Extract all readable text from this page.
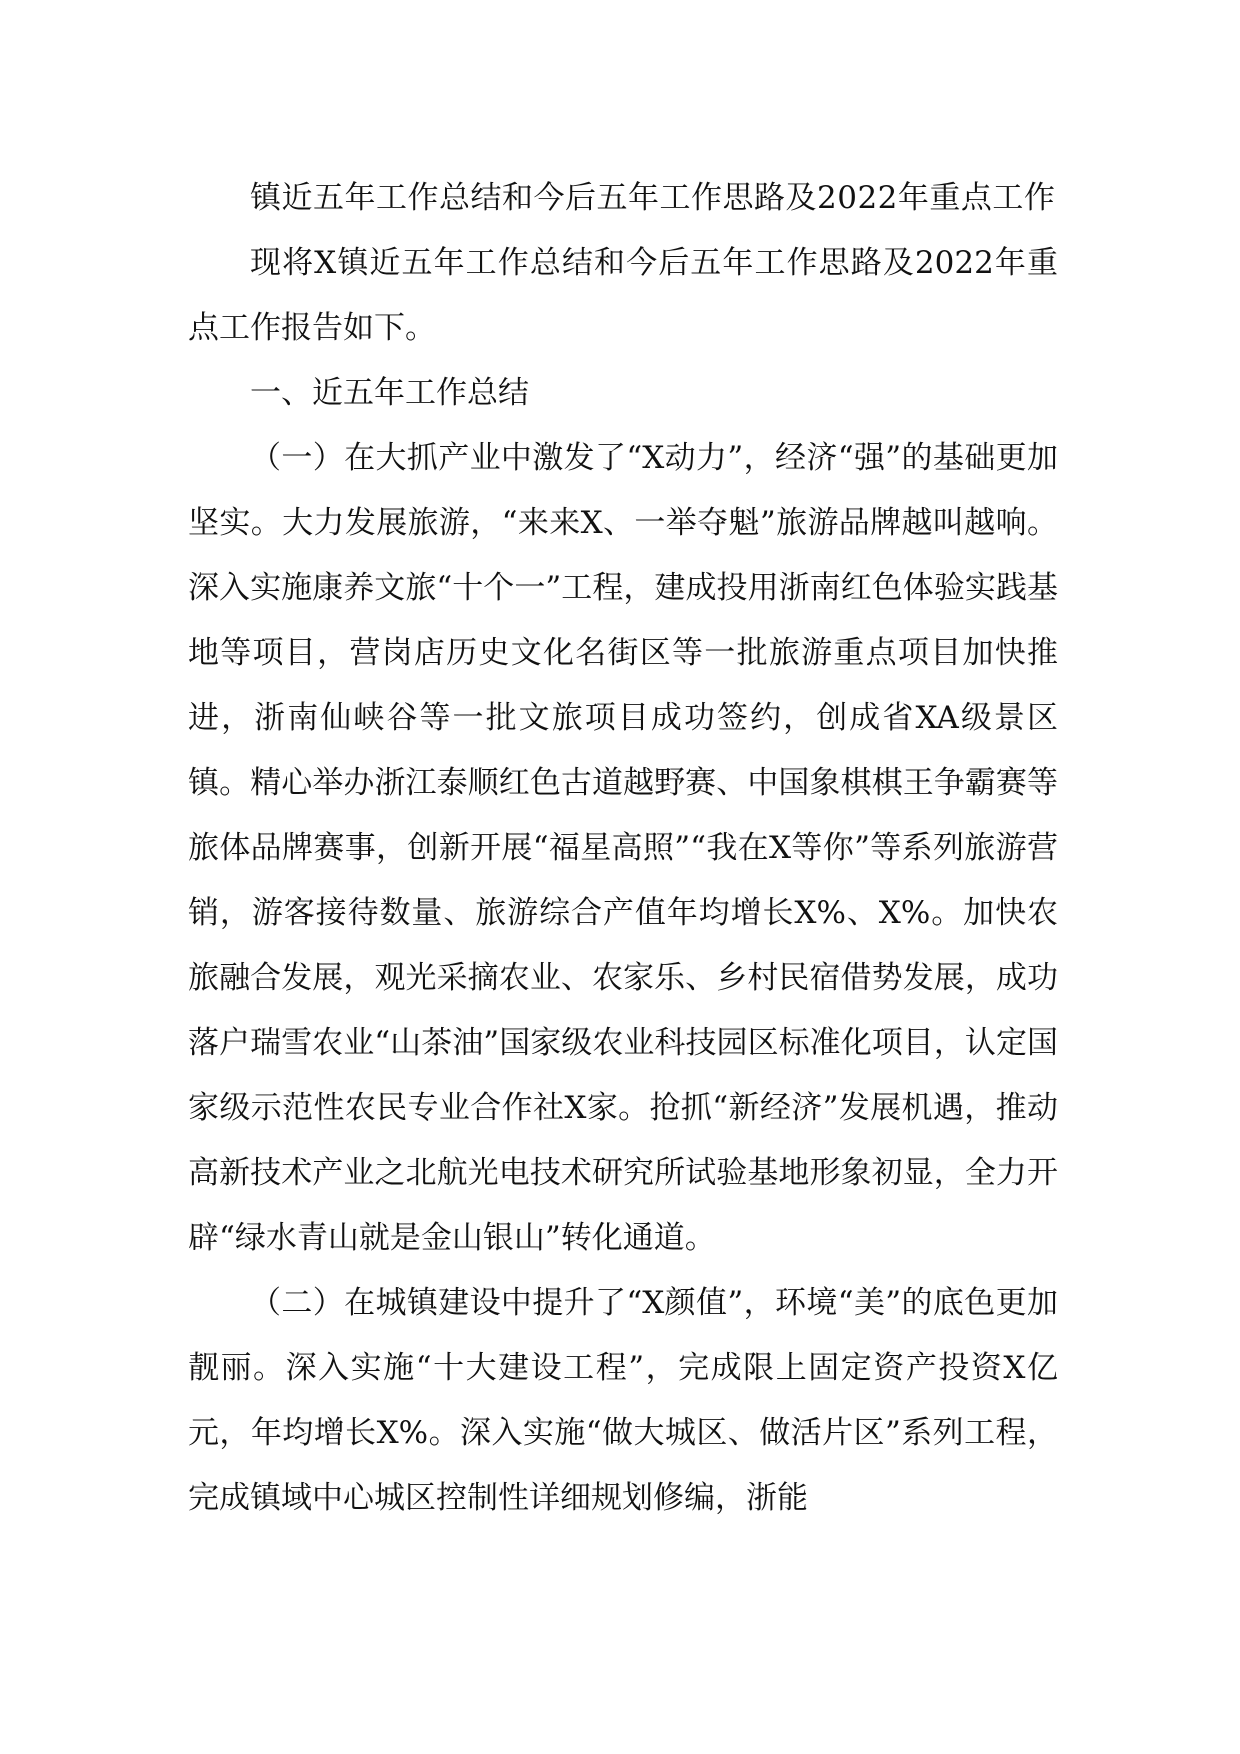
镇近五年工作总结和今后五年工作思路及2022年重点工作

现将X镇近五年工作总结和今后五年工作思路及2022年重点工作报告如下。

一、近五年工作总结

（一）在大抓产业中激发了“X动力”，经济“强”的基础更加坚实。大力发展旅游，“来来X、一举夺魁”旅游品牌越叫越响。深入实施康养文旅“十个一”工程，建成投用浙南红色体验实践基地等项目，营岗店历史文化名街区等一批旅游重点项目加快推进，浙南仙峡谷等一批文旅项目成功签约，创成省XA级景区镇。精心举办浙江泰顺红色古道越野赛、中国象棋棋王争霸赛等旅体品牌赛事，创新开展“福星高照”“我在X等你”等系列旅游营销，游客接待数量、旅游综合产值年均增长X%、X%。加快农旅融合发展，观光采摘农业、农家乐、乡村民宿借势发展，成功落户瑞雪农业“山茶油”国家级农业科技园区标准化项目，认定国家级示范性农民专业合作社X家。抢抓“新经济”发展机遇，推动高新技术产业之北航光电技术研究所试验基地形象初显，全力开辟“绿水青山就是金山银山”转化通道。

（二）在城镇建设中提升了“X颜值”，环境“美”的底色更加靓丽。深入实施“十大建设工程”，完成限上固定资产投资X亿元，年均增长X%。深入实施“做大城区、做活片区”系列工程，完成镇域中心城区控制性详细规划修编，浙能
